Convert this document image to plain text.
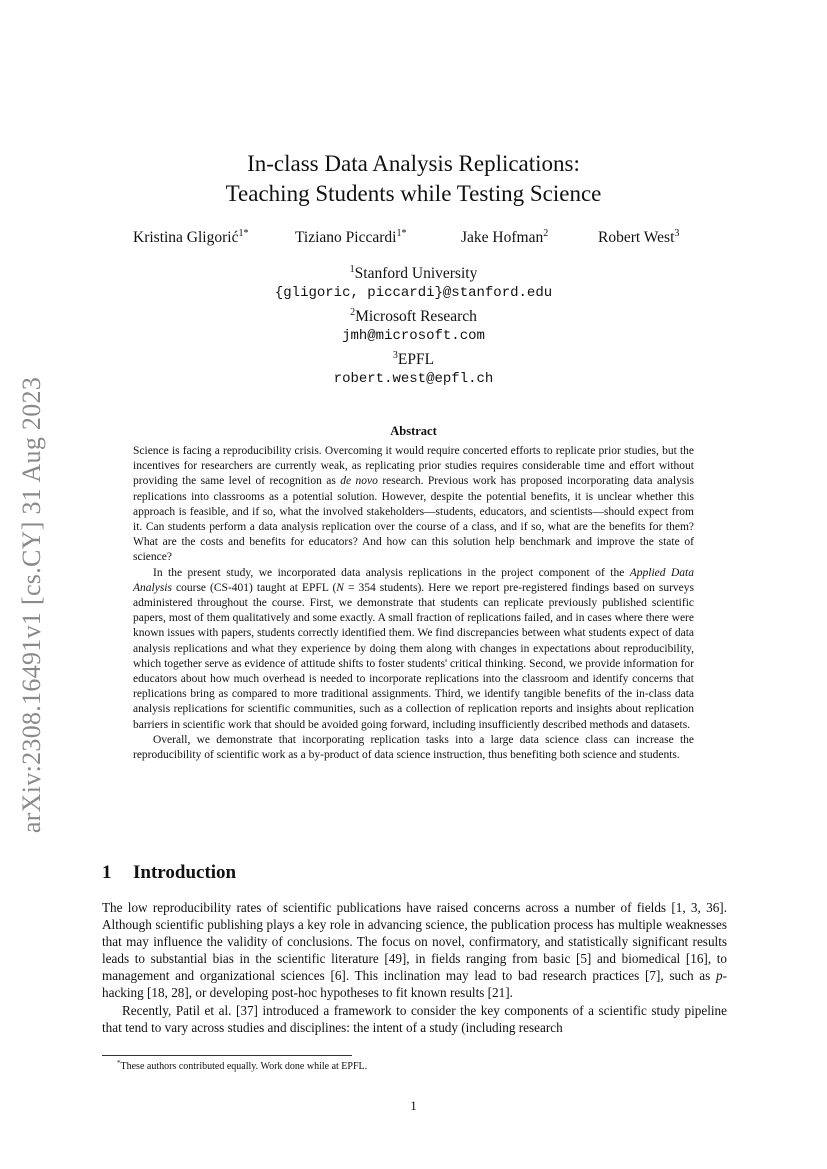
arXiv:2308.16491v1 [cs.CY] 31 Aug 2023
In-class Data Analysis Replications:
Teaching Students while Testing Science
Kristina Gligorić$^{1*}$	Tiziano Piccardi$^{1*}$	Jake Hofman$^2$	Robert West$^3$
$^1$Stanford University
{gligoric, piccardi}@stanford.edu
$^2$Microsoft Research
jmh@microsoft.com
$^3$EPFL
robert.west@epfl.ch
Abstract

Science is facing a reproducibility crisis. Overcoming it would require concerted efforts to replicate prior studies, but the incentives for researchers are currently weak, as replicating prior studies requires considerable time and effort without providing the same level of recognition as de novo research. Previous work has proposed incorporating data analysis replications into classrooms as a potential solution. However, despite the potential benefits, it is unclear whether this approach is feasible, and if so, what the involved stakeholders—students, educators, and scientists—should expect from it. Can students perform a data analysis replication over the course of a class, and if so, what are the benefits for them? What are the costs and benefits for educators? And how can this solution help benchmark and improve the state of science?

In the present study, we incorporated data analysis replications in the project component of the Applied Data Analysis course (CS-401) taught at EPFL (N = 354 students). Here we report pre-registered findings based on surveys administered throughout the course. First, we demonstrate that students can replicate previously published scientific papers, most of them qualitatively and some exactly. A small fraction of replications failed, and in cases where there were known issues with papers, students correctly identified them. We find discrepancies between what students expect of data analysis replications and what they experience by doing them along with changes in expectations about reproducibility, which together serve as evidence of attitude shifts to foster students' critical thinking. Second, we provide information for educators about how much overhead is needed to incorporate replications into the classroom and identify concerns that replications bring as compared to more traditional assignments. Third, we identify tangible benefits of the in-class data analysis replications for scientific communities, such as a collection of replication reports and insights about replication barriers in scientific work that should be avoided going forward, including insufficiently described methods and datasets.

Overall, we demonstrate that incorporating replication tasks into a large data science class can increase the reproducibility of scientific work as a by-product of data science instruction, thus benefiting both science and students.

1 Introduction

The low reproducibility rates of scientific publications have raised concerns across a number of fields [1, 3, 36]. Although scientific publishing plays a key role in advancing science, the publication process has multiple weaknesses that may influence the validity of conclusions. The focus on novel, confirmatory, and statistically significant results leads to substantial bias in the scientific literature [49], in fields ranging from basic [5] and biomedical [16], to management and organizational sciences [6]. This inclination may lead to bad research practices [7], such as p-hacking [18, 28], or developing post-hoc hypotheses to fit known results [21].

Recently, Patil et al. [37] introduced a framework to consider the key components of a scientific study pipeline that tend to vary across studies and disciplines: the intent of a study (including research

*These authors contributed equally. Work done while at EPFL.
1
